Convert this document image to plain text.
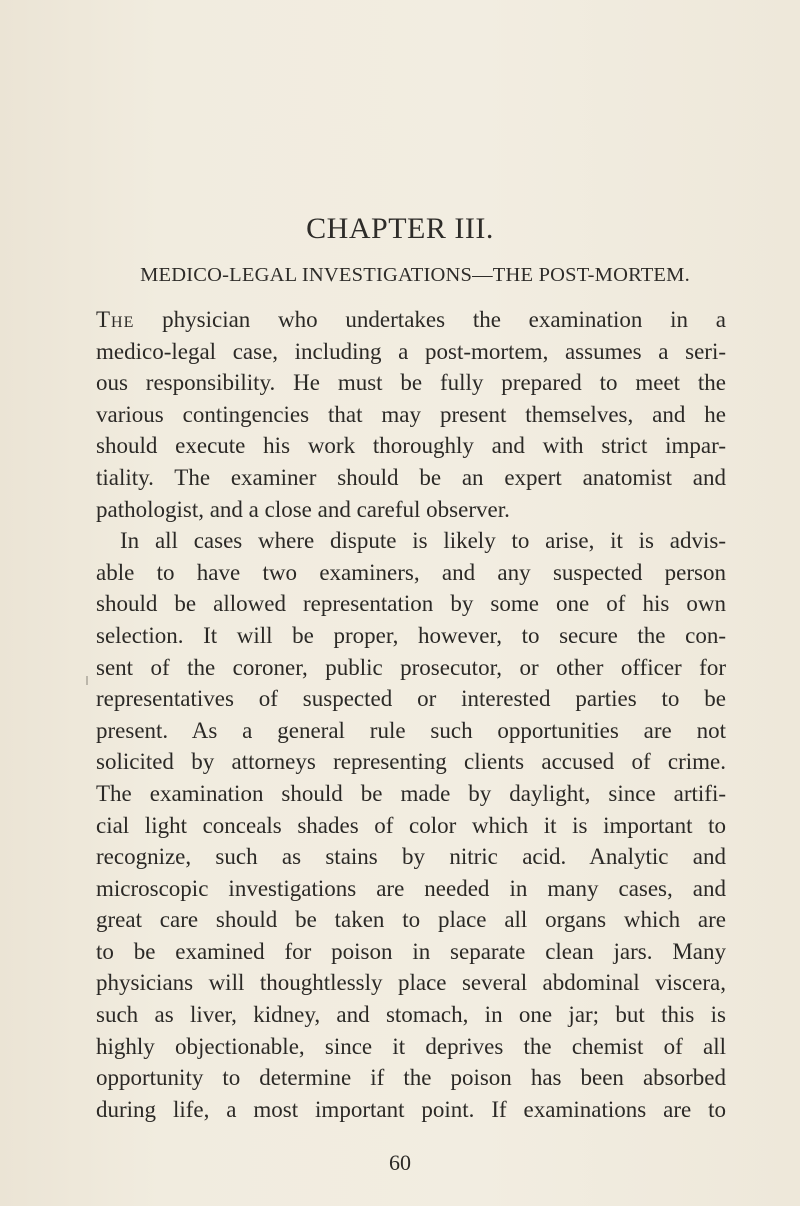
CHAPTER III.
MEDICO-LEGAL INVESTIGATIONS—THE POST-MORTEM.
The physician who undertakes the examination in a
medico-legal case, including a post-mortem, assumes a seri-
ous responsibility. He must be fully prepared to meet the
various contingencies that may present themselves, and he
should execute his work thoroughly and with strict impar-
tiality. The examiner should be an expert anatomist and
pathologist, and a close and careful observer.
In all cases where dispute is likely to arise, it is advis-
able to have two examiners, and any suspected person
should be allowed representation by some one of his own
selection. It will be proper, however, to secure the con-
sent of the coroner, public prosecutor, or other officer for
representatives of suspected or interested parties to be
present. As a general rule such opportunities are not
solicited by attorneys representing clients accused of crime.
The examination should be made by daylight, since artifi-
cial light conceals shades of color which it is important to
recognize, such as stains by nitric acid. Analytic and
microscopic investigations are needed in many cases, and
great care should be taken to place all organs which are
to be examined for poison in separate clean jars. Many
physicians will thoughtlessly place several abdominal viscera,
such as liver, kidney, and stomach, in one jar; but this is
highly objectionable, since it deprives the chemist of all
opportunity to determine if the poison has been absorbed
during life, a most important point. If examinations are to
60
